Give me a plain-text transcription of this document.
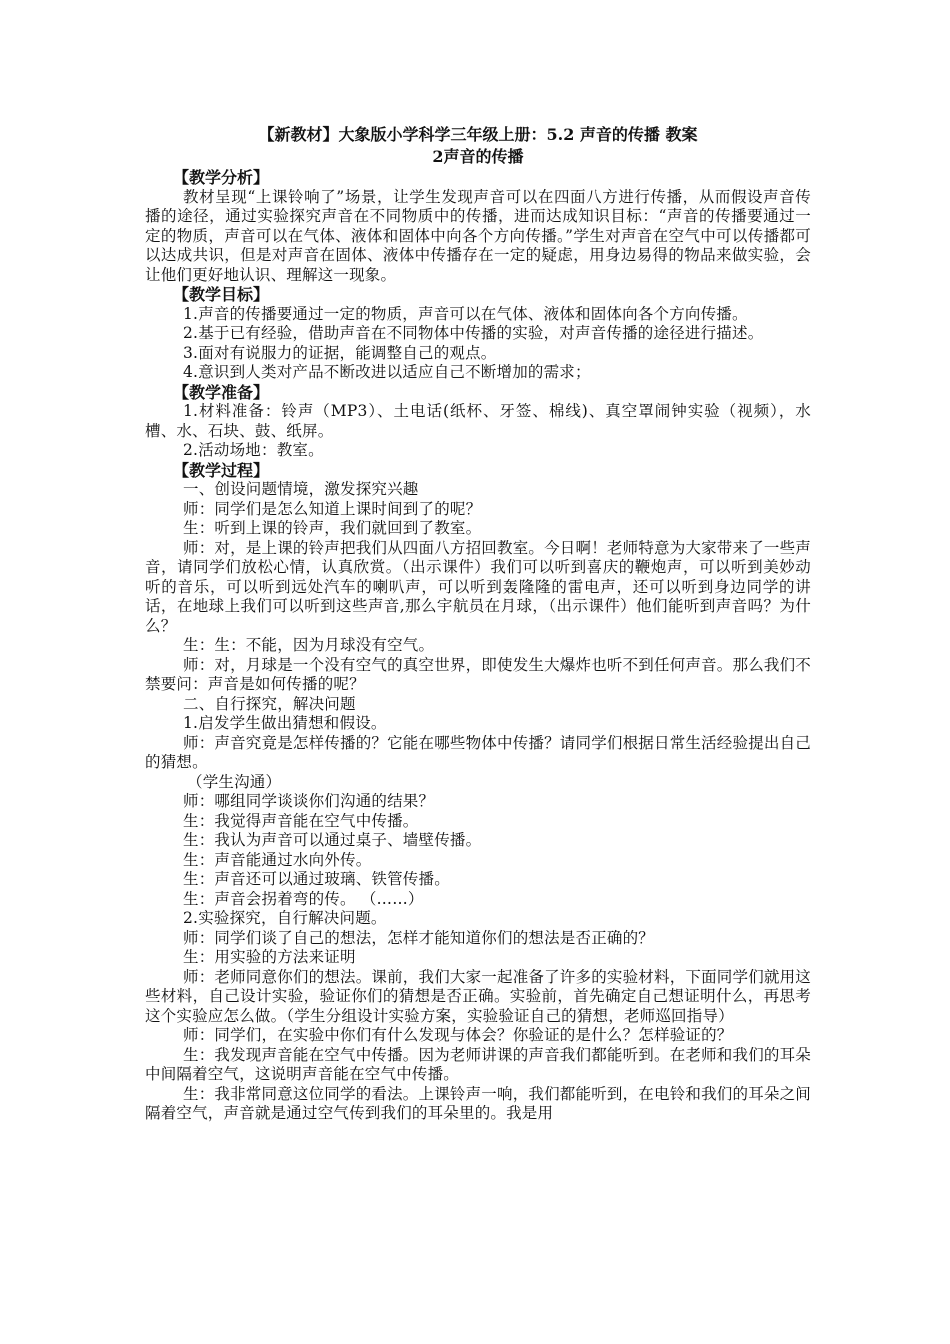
【新教材】大象版小学科学三年级上册：5.2 声音的传播 教案

2声音的传播

【教学分析】

教材呈现“上课铃响了”场景，让学生发现声音可以在四面八方进行传播，从而假设声音传播的途径，通过实验探究声音在不同物质中的传播，进而达成知识目标：“声音的传播要通过一定的物质，声音可以在气体、液体和固体中向各个方向传播。”学生对声音在空气中可以传播都可以达成共识，但是对声音在固体、液体中传播存在一定的疑虑，用身边易得的物品来做实验，会让他们更好地认识、理解这一现象。

【教学目标】

1.声音的传播要通过一定的物质，声音可以在气体、液体和固体向各个方向传播。

2.基于已有经验，借助声音在不同物体中传播的实验，对声音传播的途径进行描述。

3.面对有说服力的证据，能调整自己的观点。

4.意识到人类对产品不断改进以适应自己不断增加的需求；

【教学准备】

1.材料准备：铃声（MP3）、土电话(纸杯、牙签、棉线)、真空罩闹钟实验（视频），水槽、水、石块、鼓、纸屏。

2.活动场地：教室。

【教学过程】

一、创设问题情境，激发探究兴趣

师：同学们是怎么知道上课时间到了的呢？

生：听到上课的铃声，我们就回到了教室。

师：对，是上课的铃声把我们从四面八方招回教室。今日啊！老师特意为大家带来了一些声音，请同学们放松心情，认真欣赏。（出示课件）我们可以听到喜庆的鞭炮声，可以听到美妙动听的音乐，可以听到远处汽车的喇叭声，可以听到轰隆隆的雷电声，还可以听到身边同学的讲话，在地球上我们可以听到这些声音,那么宇航员在月球，（出示课件）他们能听到声音吗？为什么？

生：生：不能，因为月球没有空气。

师：对，月球是一个没有空气的真空世界，即使发生大爆炸也听不到任何声音。那么我们不禁要问：声音是如何传播的呢？

二、自行探究，解决问题

1.启发学生做出猜想和假设。

师：声音究竟是怎样传播的？它能在哪些物体中传播？请同学们根据日常生活经验提出自己的猜想。

（学生沟通）

师：哪组同学谈谈你们沟通的结果？

生：我觉得声音能在空气中传播。

生：我认为声音可以通过桌子、墙壁传播。

生：声音能通过水向外传。

生：声音还可以通过玻璃、铁管传播。

生：声音会拐着弯的传。 （……）

2.实验探究，自行解决问题。

师：同学们谈了自己的想法，怎样才能知道你们的想法是否正确的？

生：用实验的方法来证明

师：老师同意你们的想法。课前，我们大家一起准备了许多的实验材料，下面同学们就用这些材料，自己设计实验，验证你们的猜想是否正确。实验前，首先确定自己想证明什么，再思考这个实验应怎么做。（学生分组设计实验方案，实验验证自己的猜想，老师巡回指导）

师：同学们，在实验中你们有什么发现与体会？你验证的是什么？怎样验证的？

生：我发现声音能在空气中传播。因为老师讲课的声音我们都能听到。在老师和我们的耳朵中间隔着空气，这说明声音能在空气中传播。

生：我非常同意这位同学的看法。上课铃声一响，我们都能听到，在电铃和我们的耳朵之间隔着空气，声音就是通过空气传到我们的耳朵里的。我是用
